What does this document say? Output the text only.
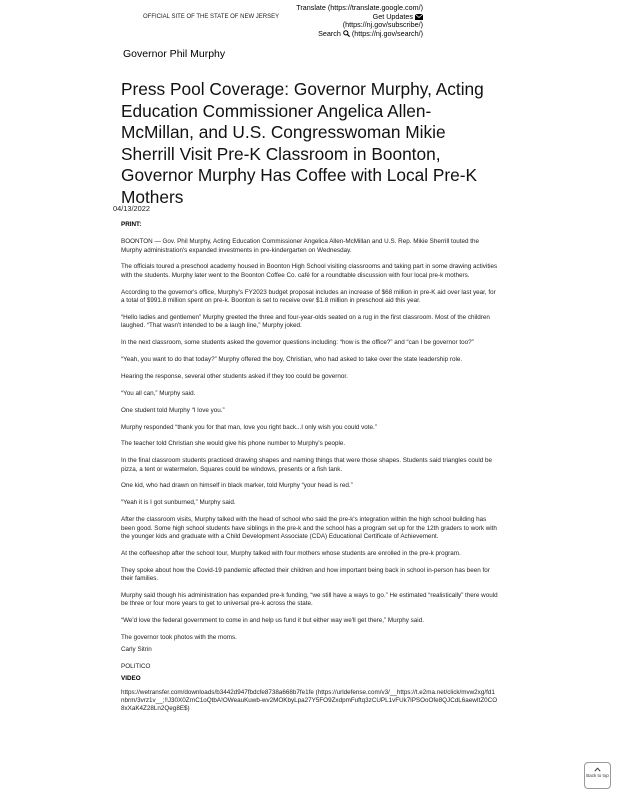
OFFICIAL SITE OF THE STATE OF NEW JERSEY
Translate (https://translate.google.com/)
Get Updates
(https://nj.gov/subscribe/)
Search (https://nj.gov/search/)
Governor Phil Murphy
Press Pool Coverage: Governor Murphy, Acting Education Commissioner Angelica Allen-McMillan, and U.S. Congresswoman Mikie Sherrill Visit Pre-K Classroom in Boonton, Governor Murphy Has Coffee with Local Pre-K Mothers
04/13/2022

PRINT:

BOONTON — Gov. Phil Murphy, Acting Education Commissioner Angelica Allen-McMillan and U.S. Rep. Mikie Sherrill touted the Murphy administration's expanded investments in pre-kindergarten on Wednesday.

The officials toured a preschool academy housed in Boonton High School visiting classrooms and taking part in some drawing activities with the students. Murphy later went to the Boonton Coffee Co. café for a roundtable discussion with four local pre-k mothers.

According to the governor's office, Murphy's FY2023 budget proposal includes an increase of $68 million in pre-K aid over last year, for a total of $991.8 million spent on pre-k. Boonton is set to receive over $1.8 million in preschool aid this year.

“Hello ladies and gentlemen” Murphy greeted the three and four-year-olds seated on a rug in the first classroom. Most of the children laughed. “That wasn't intended to be a laugh line,” Murphy joked.

In the next classroom, some students asked the governor questions including: “how is the office?” and “can I be governor too?”

“Yeah, you want to do that today?” Murphy offered the boy, Christian, who had asked to take over the state leadership role.

Hearing the response, several other students asked if they too could be governor.

“You all can,” Murphy said.

One student told Murphy “I love you.”

Murphy responded “thank you for that man, love you right back...I only wish you could vote.”

The teacher told Christian she would give his phone number to Murphy's people.

In the final classroom students practiced drawing shapes and naming things that were those shapes. Students said triangles could be pizza, a tent or watermelon. Squares could be windows, presents or a fish tank.

One kid, who had drawn on himself in black marker, told Murphy “your head is red.”

“Yeah it is I got sunburned,” Murphy said.

After the classroom visits, Murphy talked with the head of school who said the pre-k's integration within the high school building has been good. Some high school students have siblings in the pre-k and the school has a program set up for the 12th graders to work with the younger kids and graduate with a Child Development Associate (CDA) Educational Certificate of Achievement.

At the coffeeshop after the school tour, Murphy talked with four mothers whose students are enrolled in the pre-k program.

They spoke about how the Covid-19 pandemic affected their children and how important being back in school in-person has been for their families.

Murphy said though his administration has expanded pre-k funding, “we still have a ways to go.” He estimated “realistically” there would be three or four more years to get to universal pre-k across the state.

“We'd love the federal government to come in and help us fund it but either way we'll get there,” Murphy said.

The governor took photos with the moms.

Carly Sitrin

POLITICO

VIDEO

https://wetransfer.com/downloads/b3442d947fbdcfe8738a668b7fe1fe (https://urldefense.com/v3/__https://t.e2ma.net/click/mvw2xg/fd1nbrm/3vrz1v__;!!J30X0ZrnC1oQtbA!OWeauKuwb-wv2MOKbyLpa27Y5FO9ZxdpmFuftq3zCUPL1vFUk7lPSOoOfe8QJCdL6aewItZ0CO8xXaK4Z28Ln2Qeg8E$)

Back to top
